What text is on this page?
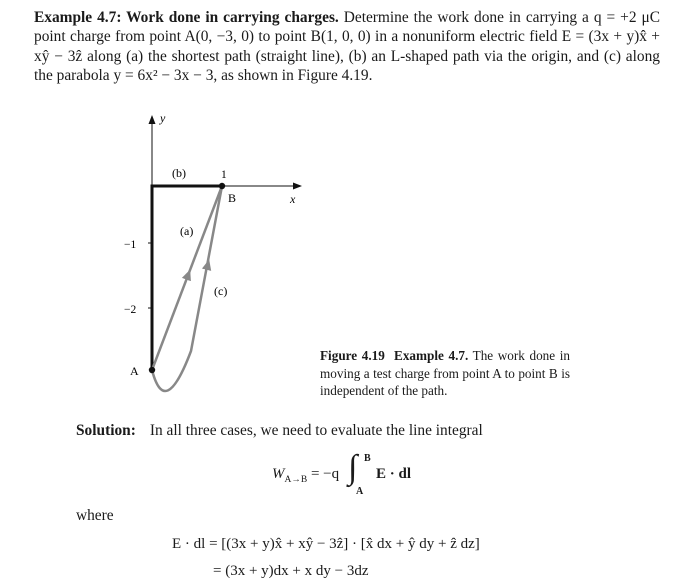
Example 4.7: Work done in carrying charges. Determine the work done in carrying a q = +2 μC point charge from point A(0, −3, 0) to point B(1, 0, 0) in a nonuniform electric field E = (3x + y)x̂ + xŷ − 3ẑ along (a) the shortest path (straight line), (b) an L-shaped path via the origin, and (c) along the parabola y = 6x² − 3x − 3, as shown in Figure 4.19.
y
x
−1
−2
1
A
B
(b)
(a)
(c)
Figure 4.19 Example 4.7. The work done in moving a test charge from point A to point B is independent of the path.
Solution: In all three cases, we need to evaluate the line integral
$W_{A\to B} = -q$ ∫ B
A
E · dl
where
E · dl = [(3x + y)x̂ + xŷ − 3ẑ] · [x̂ dx + ŷ dy + ẑ dz]
= (3x + y)dx + x dy − 3dz
